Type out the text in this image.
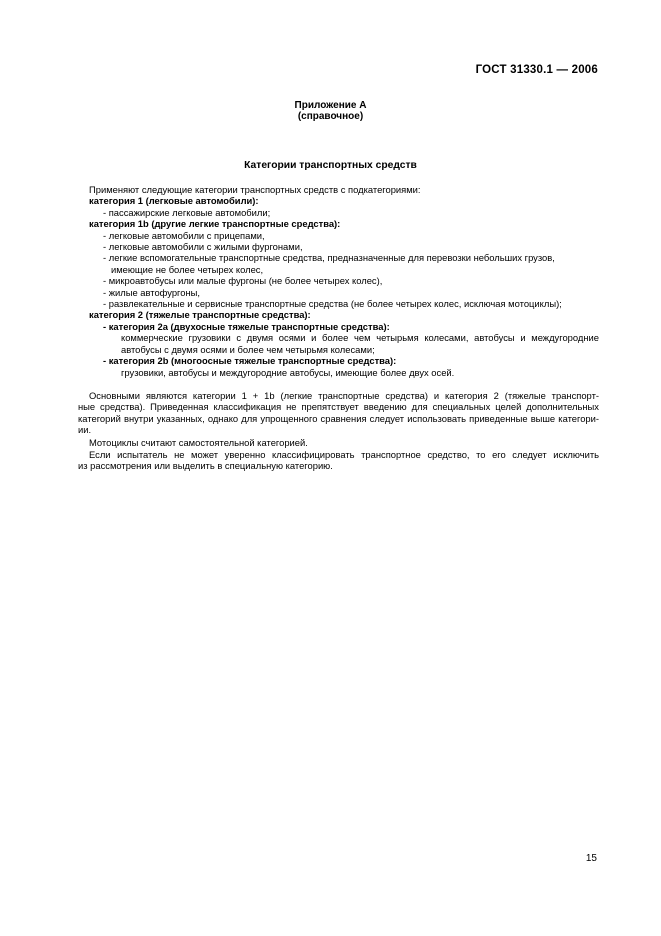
ГОСТ 31330.1 — 2006
Приложение А
(справочное)
Категории транспортных средств
Применяют следующие категории транспортных средств с подкатегориями:
категория 1 (легковые автомобили):
- пассажирские легковые автомобили;
категория 1b (другие легкие транспортные средства):
- легковые автомобили с прицепами,
- легковые автомобили с жилыми фургонами,
- легкие вспомогательные транспортные средства, предназначенные для перевозки небольших грузов,
имеющие не более четырех колес,
- микроавтобусы или малые фургоны (не более четырех колес),
- жилые автофургоны,
- развлекательные и сервисные транспортные средства (не более четырех колес, исключая мотоциклы);
категория 2 (тяжелые транспортные средства):
- категория 2а (двухосные тяжелые транспортные средства):
коммерческие грузовики с двумя осями и более чем четырьмя колесами, автобусы и междугородние
автобусы с двумя осями и более чем четырьмя колесами;
- категория 2b (многоосные тяжелые транспортные средства):
грузовики, автобусы и междугородние автобусы, имеющие более двух осей.
Основными являются категории 1 + 1b (легкие транспортные средства) и категория 2 (тяжелые транспорт-
ные средства). Приведенная классификация не препятствует введению для специальных целей дополнительных
категорий внутри указанных, однако для упрощенного сравнения следует использовать приведенные выше категори-
ии.
Мотоциклы считают самостоятельной категорией.
Если испытатель не может уверенно классифицировать транспортное средство, то его следует исключить
из рассмотрения или выделить в специальную категорию.
15
